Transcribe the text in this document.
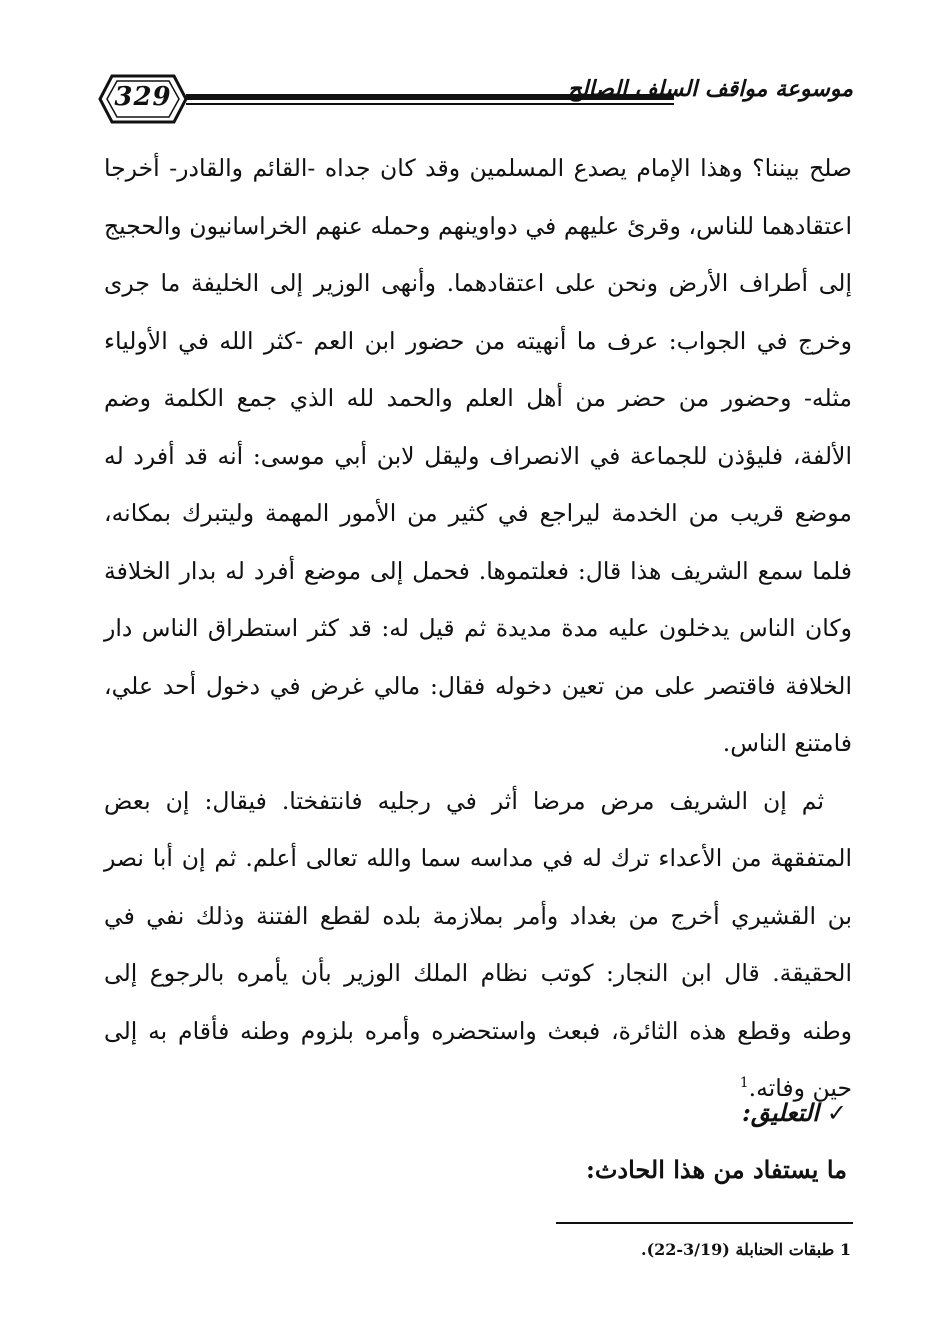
329	موسوعة مواقف السلف الصالح

صلح بيننا؟ وهذا الإمام يصدع المسلمين وقد كان جداه -القائم والقادر- أخرجا اعتقادهما للناس، وقرئ عليهم في دواوينهم وحمله عنهم الخراسانيون والحجيج إلى أطراف الأرض ونحن على اعتقادهما. وأنهى الوزير إلى الخليفة ما جرى وخرج في الجواب: عرف ما أنهيته من حضور ابن العم -كثر الله في الأولياء مثله- وحضور من حضر من أهل العلم والحمد لله الذي جمع الكلمة وضم الألفة، فليؤذن للجماعة في الانصراف وليقل لابن أبي موسى: أنه قد أفرد له موضع قريب من الخدمة ليراجع في كثير من الأمور المهمة وليتبرك بمكانه، فلما سمع الشريف هذا قال: فعلتموها. فحمل إلى موضع أفرد له بدار الخلافة وكان الناس يدخلون عليه مدة مديدة ثم قيل له: قد كثر استطراق الناس دار الخلافة فاقتصر على من تعين دخوله فقال: مالي غرض في دخول أحد علي، فامتنع الناس.

ثم إن الشريف مرض مرضا أثر في رجليه فانتفختا. فيقال: إن بعض المتفقهة من الأعداء ترك له في مداسه سما والله تعالى أعلم. ثم إن أبا نصر بن القشيري أخرج من بغداد وأمر بملازمة بلده لقطع الفتنة وذلك نفي في الحقيقة. قال ابن النجار: كوتب نظام الملك الوزير بأن يأمره بالرجوع إلى وطنه وقطع هذه الثائرة، فبعث واستحضره وأمره بلزوم وطنه فأقام به إلى حين وفاته.$^1$

✓التعليق:
ما يستفاد من هذا الحادث:
1 طبقات الحنابلة (3/19-22).
